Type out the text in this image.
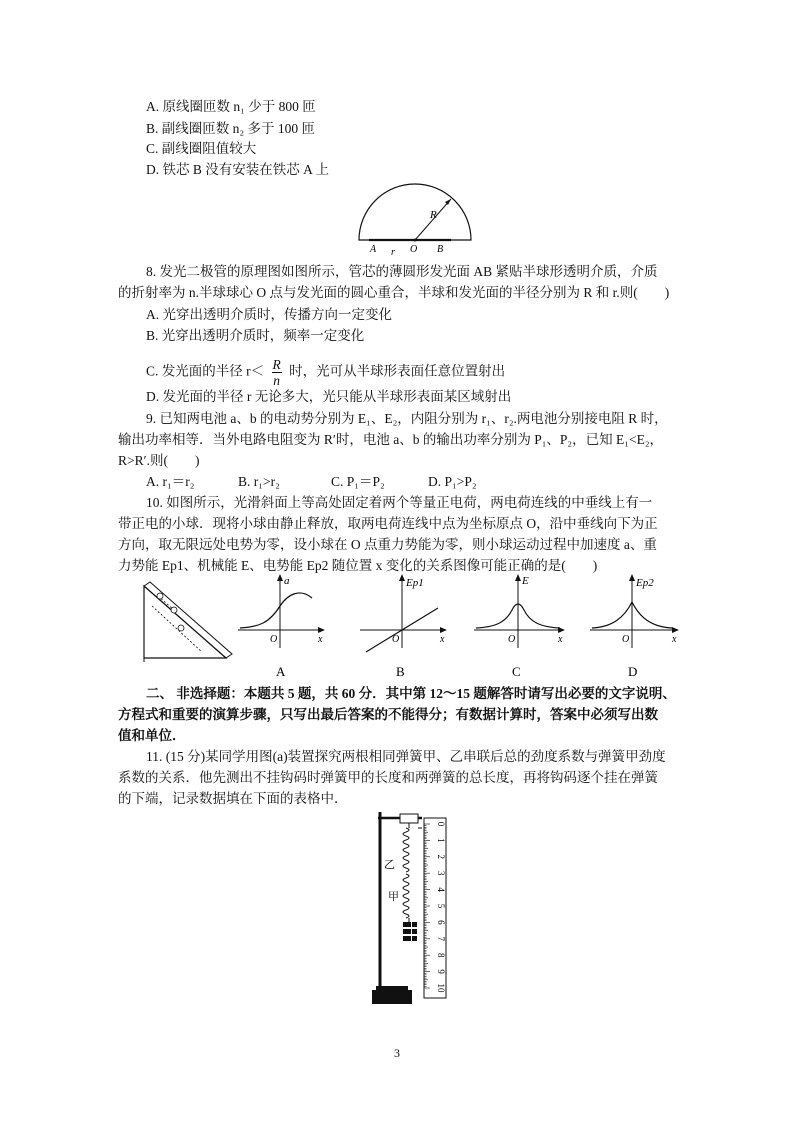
A. 原线圈匝数 n₁ 少于 800 匝
B. 副线圈匝数 n₂ 多于 100 匝
C. 副线圈阻值较大
D. 铁芯 B 没有安装在铁芯 A 上
R
A r O B
8. 发光二极管的原理图如图所示，管芯的薄圆形发光面 AB 紧贴半球形透明介质，介质
的折射率为 n.半球球心 O 点与发光面的圆心重合，半球和发光面的半径分别为 R 和 r.则(　　)
A. 光穿出透明介质时，传播方向一定变化
B. 光穿出透明介质时，频率一定变化
C. 发光面的半径 $r< \frac{R}{n}$ 时，光可从半球形表面任意位置射出
D. 发光面的半径 r 无论多大，光只能从半球形表面某区域射出
9. 已知两电池 a、b 的电动势分别为 E₁、E₂，内阻分别为 r₁、r₂.两电池分别接电阻 R 时，
输出功率相等．当外电路电阻变为 R′时，电池 a、b 的输出功率分别为 P₁、P₂，已知 E₁<E₂，
R>R′.则(　　)
A. r₁＝r₂	B. r₁>r₂	C. P₁＝P₂	D. P₁>P₂
10. 如图所示，光滑斜面上等高处固定着两个等量正电荷，两电荷连线的中垂线上有一
带正电的小球．现将小球由静止释放，取两电荷连线中点为坐标原点 O，沿中垂线向下为正
方向，取无限远处电势为零，设小球在 O 点重力势能为零，则小球运动过程中加速度 a、重
力势能 Ep1、机械能 E、电势能 Ep2 随位置 x 变化的关系图像可能正确的是(　　)
a
x
O
A
Ep1
x
O
B
E
x
O
C
Ep2
x
O
D
二、 非选择题：本题共 5 题，共 60 分．其中第 12～15 题解答时请写出必要的文字说明、
方程式和重要的演算步骤，只写出最后答案的不能得分；有数据计算时，答案中必须写出数
值和单位．
11. (15 分)某同学用图(a)装置探究两根相同弹簧甲、乙串联后总的劲度系数与弹簧甲劲度
系数的关系．他先测出不挂钩码时弹簧甲的长度和两弹簧的总长度，再将钩码逐个挂在弹簧
的下端，记录数据填在下面的表格中．
乙
甲
0
1
2
3
4
5
6
7
8
9
10
3
